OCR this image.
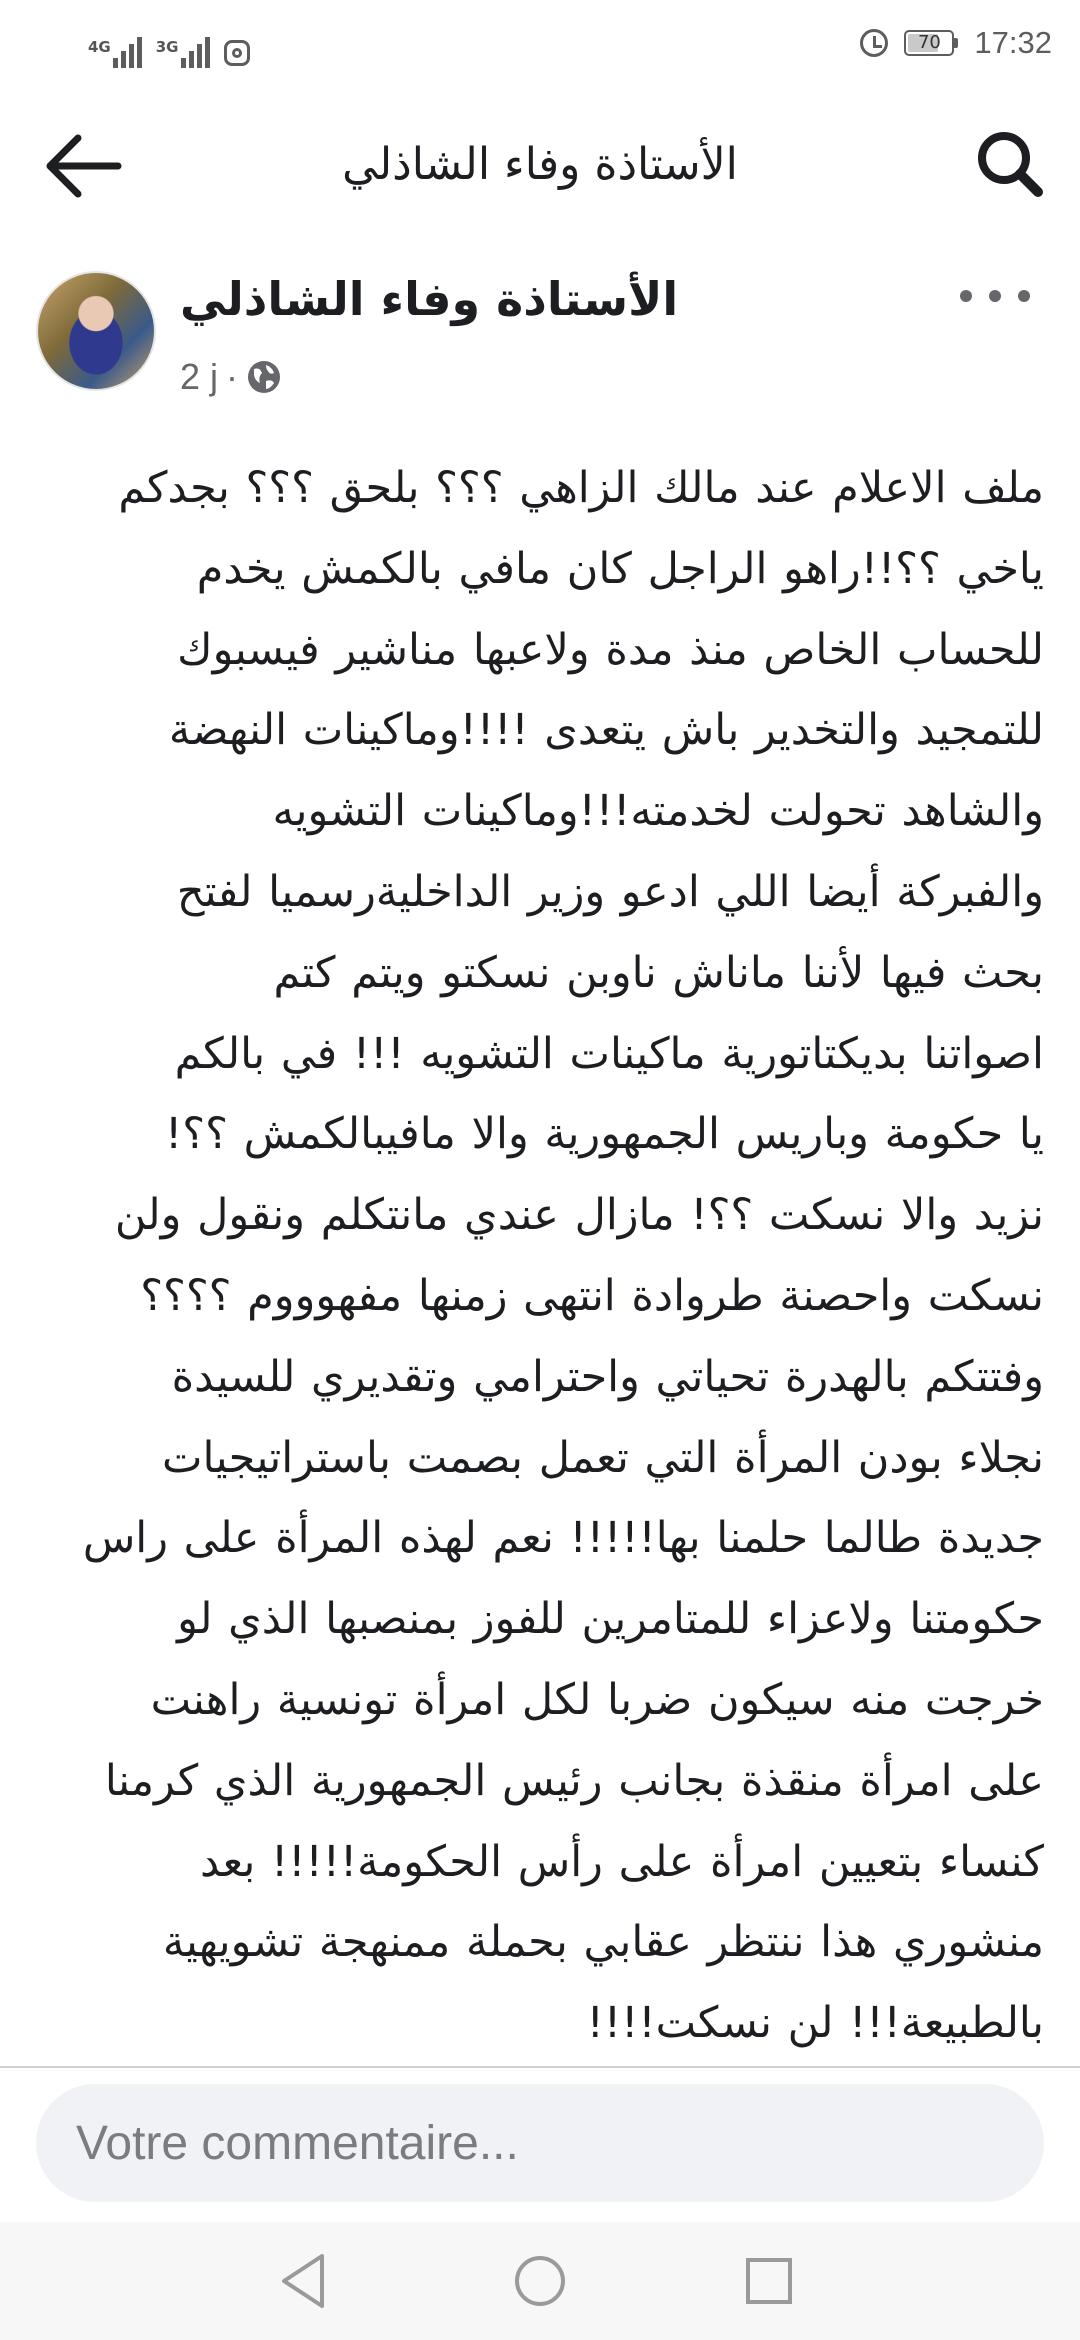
4G	3G	70	17:32
الأستاذة وفاء الشاذلي
الأستاذة وفاء الشاذلي
2 j ·
ملف الاعلام عند مالك الزاهي ؟؟؟ بلحق ؟؟؟ بجدكم
ياخي ؟؟!!راهو الراجل كان مافي بالكمش يخدم
للحساب الخاص منذ مدة ولاعبها مناشير فيسبوك
للتمجيد والتخدير باش يتعدى !!!!وماكينات النهضة
والشاهد تحولت لخدمته!!!وماكينات التشويه
والفبركة أيضا اللي ادعو وزير الداخليةرسميا لفتح
بحث فيها لأننا ماناش ناوبن نسكتو ويتم كتم
اصواتنا بديكتاتورية ماكينات التشويه !!! في بالكم
يا حكومة وباريس الجمهورية والا مافيبالكمش ؟؟!
نزيد والا نسكت ؟؟! مازال عندي مانتكلم ونقول ولن
نسكت واحصنة طروادة انتهى زمنها مفهوووم ؟؟؟؟
وفتتكم بالهدرة تحياتي واحترامي وتقديري للسيدة
نجلاء بودن المرأة التي تعمل بصمت باستراتيجيات
جديدة طالما حلمنا بها!!!!! نعم لهذه المرأة على راس
حكومتنا ولاعزاء للمتامرين للفوز بمنصبها الذي لو
خرجت منه سيكون ضربا لكل امرأة تونسية راهنت
على امرأة منقذة بجانب رئيس الجمهورية الذي كرمنا
كنساء بتعيين امرأة على رأس الحكومة!!!!! بعد
منشوري هذا ننتظر عقابي بحملة ممنهجة تشويهية
بالطبيعة!!! لن نسكت!!!!
Votre commentaire...
